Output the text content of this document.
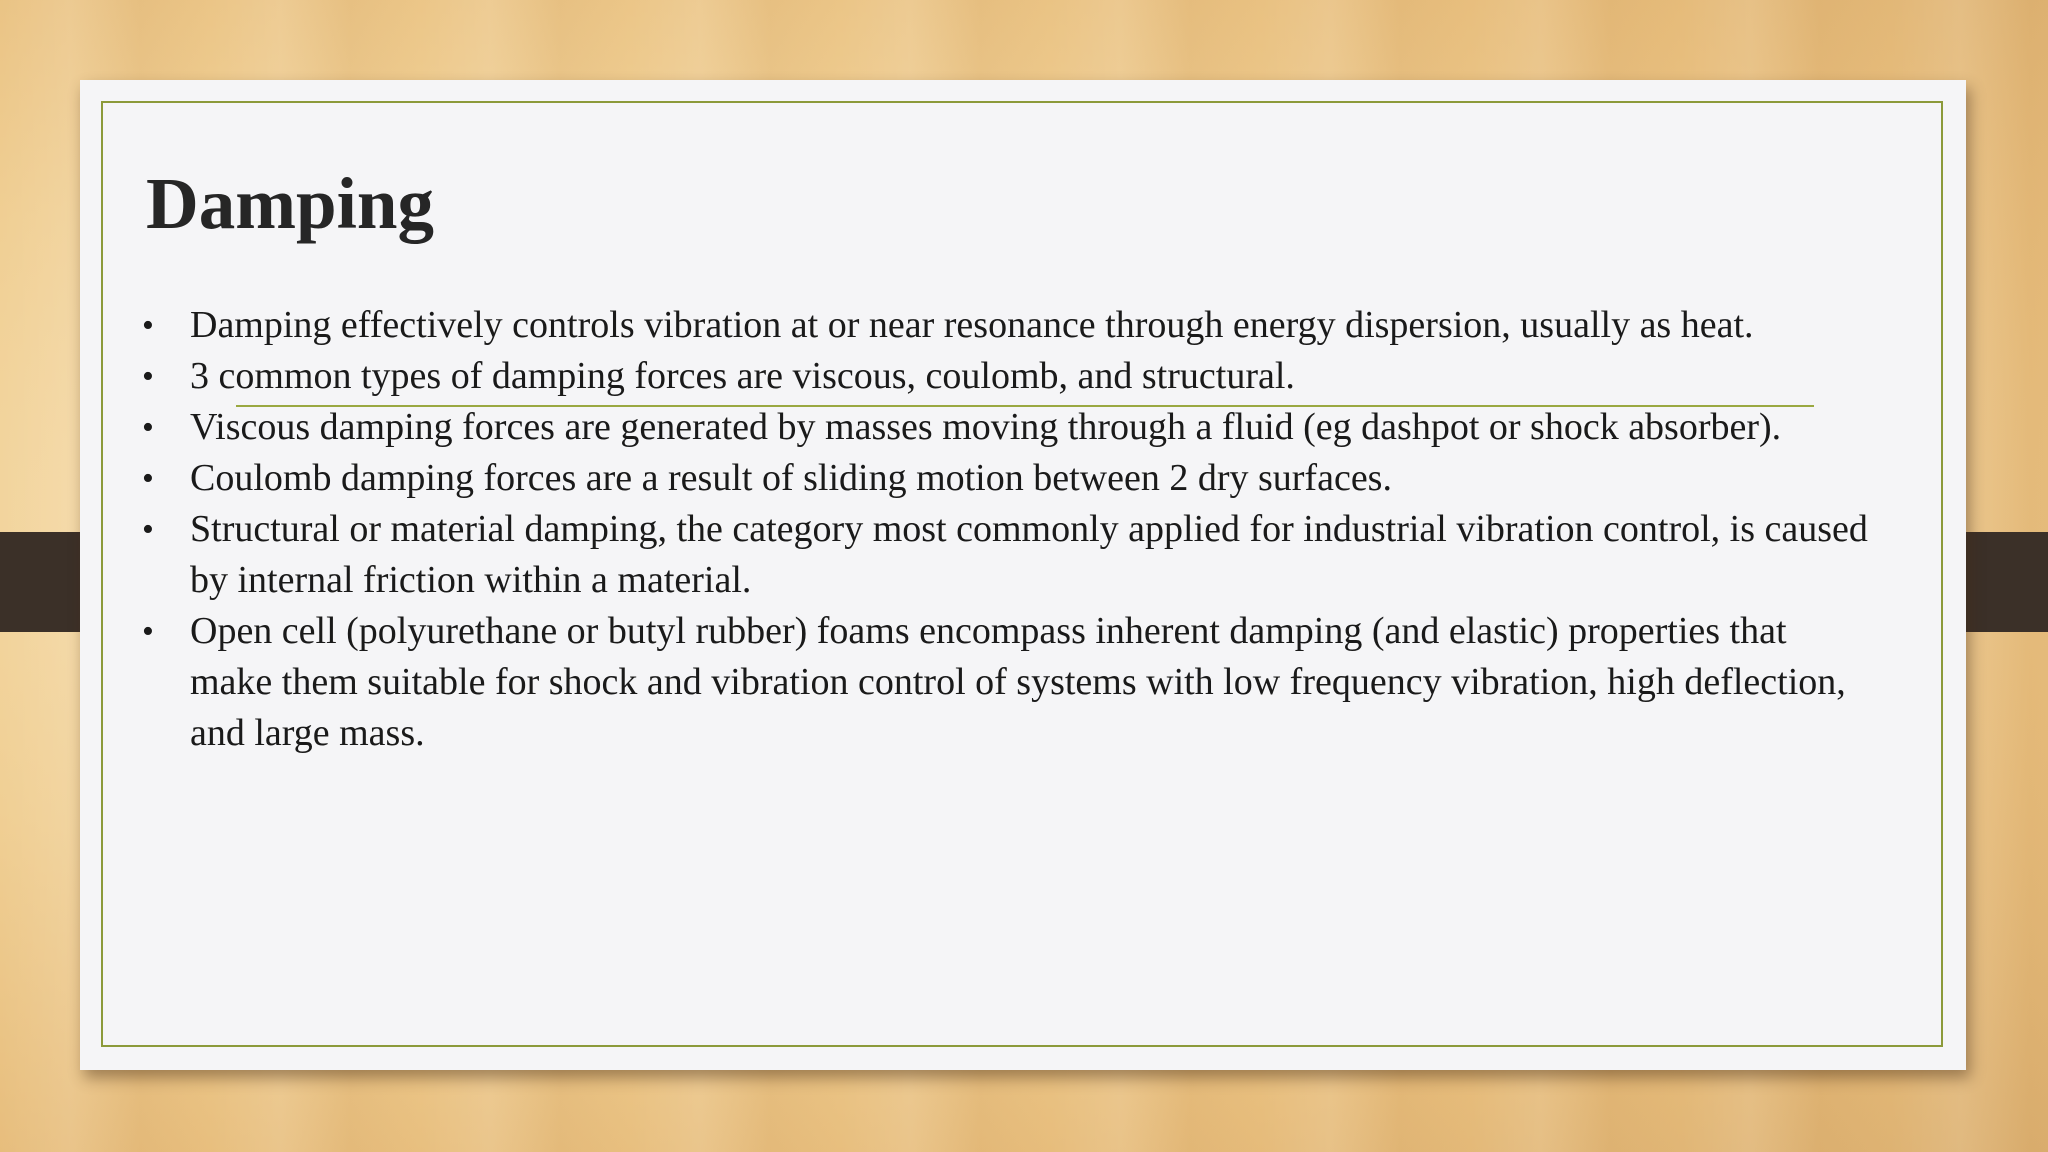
Damping
• Damping effectively controls vibration at or near resonance through energy dispersion, usually as heat.
• 3 common types of damping forces are viscous, coulomb, and structural.
• Viscous damping forces are generated by masses moving through a fluid (eg dashpot or shock absorber).
• Coulomb damping forces are a result of sliding motion between 2 dry surfaces.
• Structural or material damping, the category most commonly applied for industrial vibration control, is caused by internal friction within a material.
• Open cell (polyurethane or butyl rubber) foams encompass inherent damping (and elastic) properties that make them suitable for shock and vibration control of systems with low frequency vibration, high deflection, and large mass.
